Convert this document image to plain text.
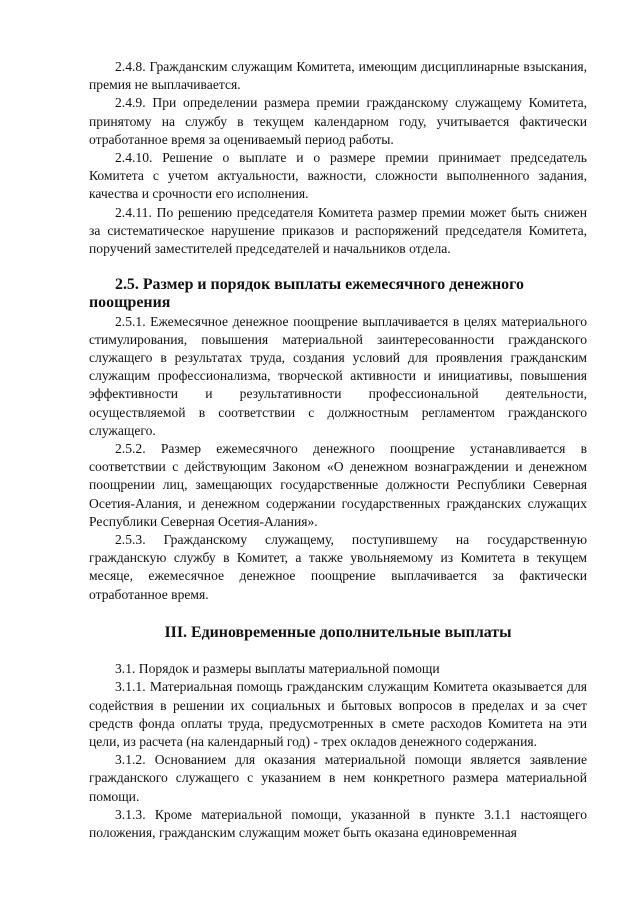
2.4.8. Гражданским служащим Комитета, имеющим дисциплинарные взыскания, премия не выплачивается.

2.4.9. При определении размера премии гражданскому служащему Комитета, принятому на службу в текущем календарном году, учитывается фактически отработанное время за оцениваемый период работы.

2.4.10. Решение о выплате и о размере премии принимает председатель Комитета с учетом актуальности, важности, сложности выполненного задания, качества и срочности его исполнения.

2.4.11. По решению председателя Комитета размер премии может быть снижен за систематическое нарушение приказов и распоряжений председателя Комитета, поручений заместителей председателей и начальников отдела.

2.5. Размер и порядок выплаты ежемесячного денежного поощрения

2.5.1. Ежемесячное денежное поощрение выплачивается в целях материального стимулирования, повышения материальной заинтересованности гражданского служащего в результатах труда, создания условий для проявления гражданским служащим профессионализма, творческой активности и инициативы, повышения эффективности и результативности профессиональной деятельности, осуществляемой в соответствии с должностным регламентом гражданского служащего.

2.5.2. Размер ежемесячного денежного поощрение устанавливается в соответствии с действующим Законом «О денежном вознаграждении и денежном поощрении лиц, замещающих государственные должности Республики Северная Осетия-Алания, и денежном содержании государственных гражданских служащих Республики Северная Осетия-Алания».

2.5.3. Гражданскому служащему, поступившему на государственную гражданскую службу в Комитет, а также увольняемому из Комитета в текущем месяце, ежемесячное денежное поощрение выплачивается за фактически отработанное время.

III. Единовременные дополнительные выплаты

3.1. Порядок и размеры выплаты материальной помощи

3.1.1. Материальная помощь гражданским служащим Комитета оказывается для содействия в решении их социальных и бытовых вопросов в пределах и за счет средств фонда оплаты труда, предусмотренных в смете расходов Комитета на эти цели, из расчета (на календарный год) - трех окладов денежного содержания.

3.1.2. Основанием для оказания материальной помощи является заявление гражданского служащего с указанием в нем конкретного размера материальной помощи.

3.1.3. Кроме материальной помощи, указанной в пункте 3.1.1 настоящего положения, гражданским служащим может быть оказана единовременная
